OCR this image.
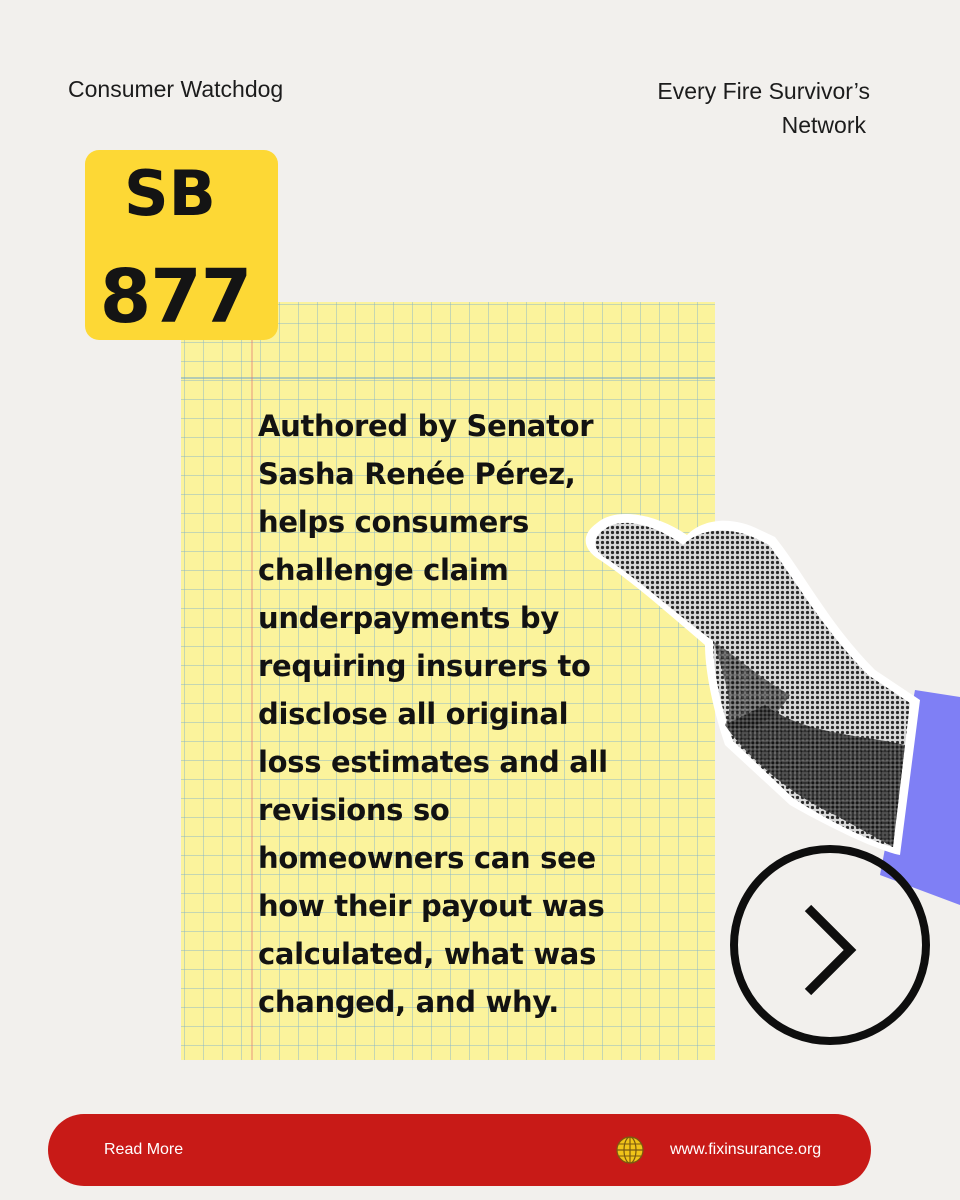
Consumer Watchdog	Every Fire Survivor’s
Network
Authored by Senator
Sasha Renée Pérez,
helps consumers
challenge claim
underpayments by
requiring insurers to
disclose all original
loss estimates and all
revisions so
homeowners can see
how their payout was
calculated, what was
changed, and why.
SB
877
Read More	www.fixinsurance.org
